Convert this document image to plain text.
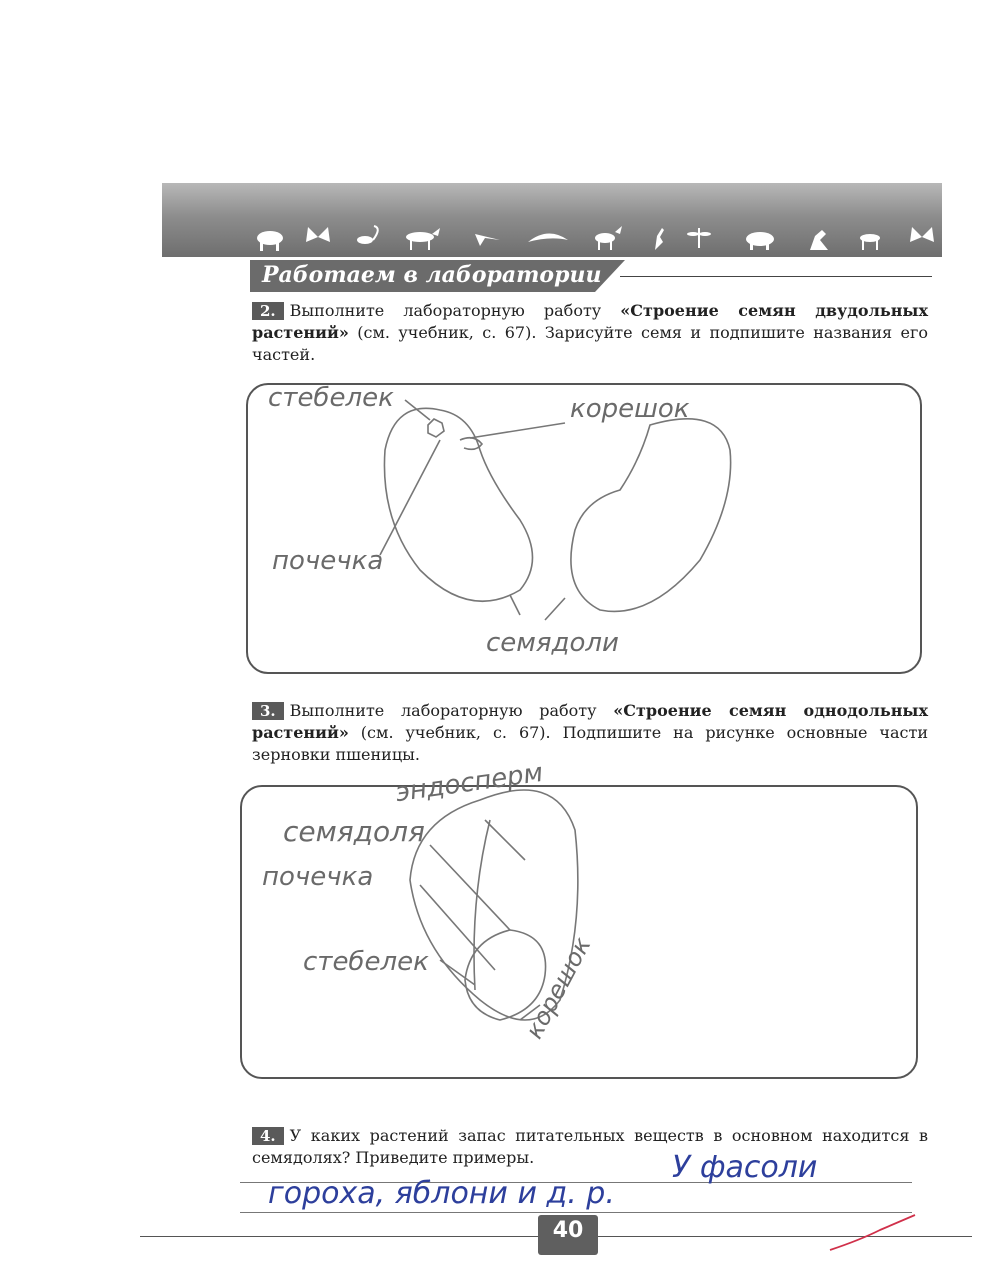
Работаем в лаборатории
2. Выполните лабораторную работу «Строение семян двудольных растений» (см. учебник, с. 67). Зарисуйте семя и подпишите названия его частей.
3. Выполните лабораторную работу «Строение семян однодольных растений» (см. учебник, с. 67). Подпишите на рисунке основные части зерновки пшеницы.
4. У каких растений запас питательных веществ в основном находится в семядолях? Приведите примеры.
стебелек	корешок
почечка
семядоли
эндосперм
семядоля
почечка
стебелек	корешок
У фасоли
гороха, яблони и д. р.
40
